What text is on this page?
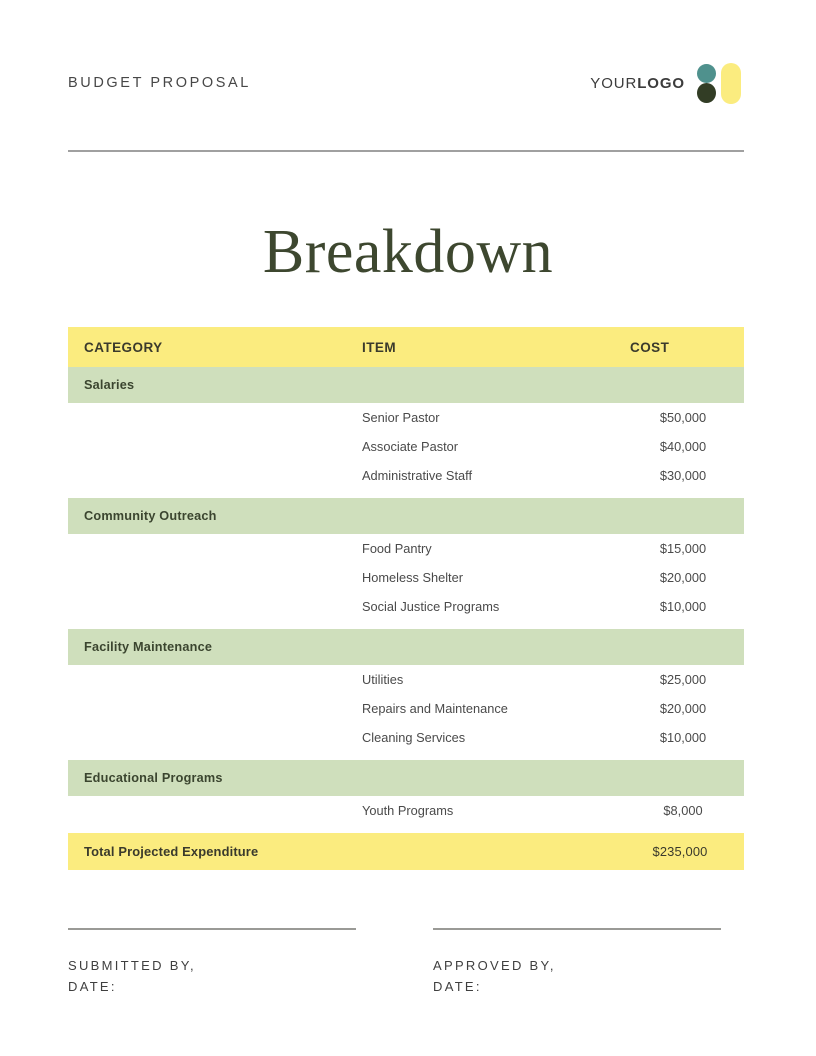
BUDGET PROPOSAL	YOURLOGO
Breakdown
CATEGORY	ITEM	COST
Salaries		
	Senior Pastor	$50,000

	Associate Pastor	$40,000

	Administrative Staff	$30,000

Community Outreach		
	Food Pantry	$15,000

	Homeless Shelter	$20,000

	Social Justice Programs	$10,000

Facility Maintenance		
	Utilities	$25,000

	Repairs and Maintenance	$20,000

	Cleaning Services	$10,000

Educational Programs		
	Youth Programs	$8,000

Total Projected Expenditure		$235,000
SUBMITTED BY,
DATE:
APPROVED BY,
DATE:
